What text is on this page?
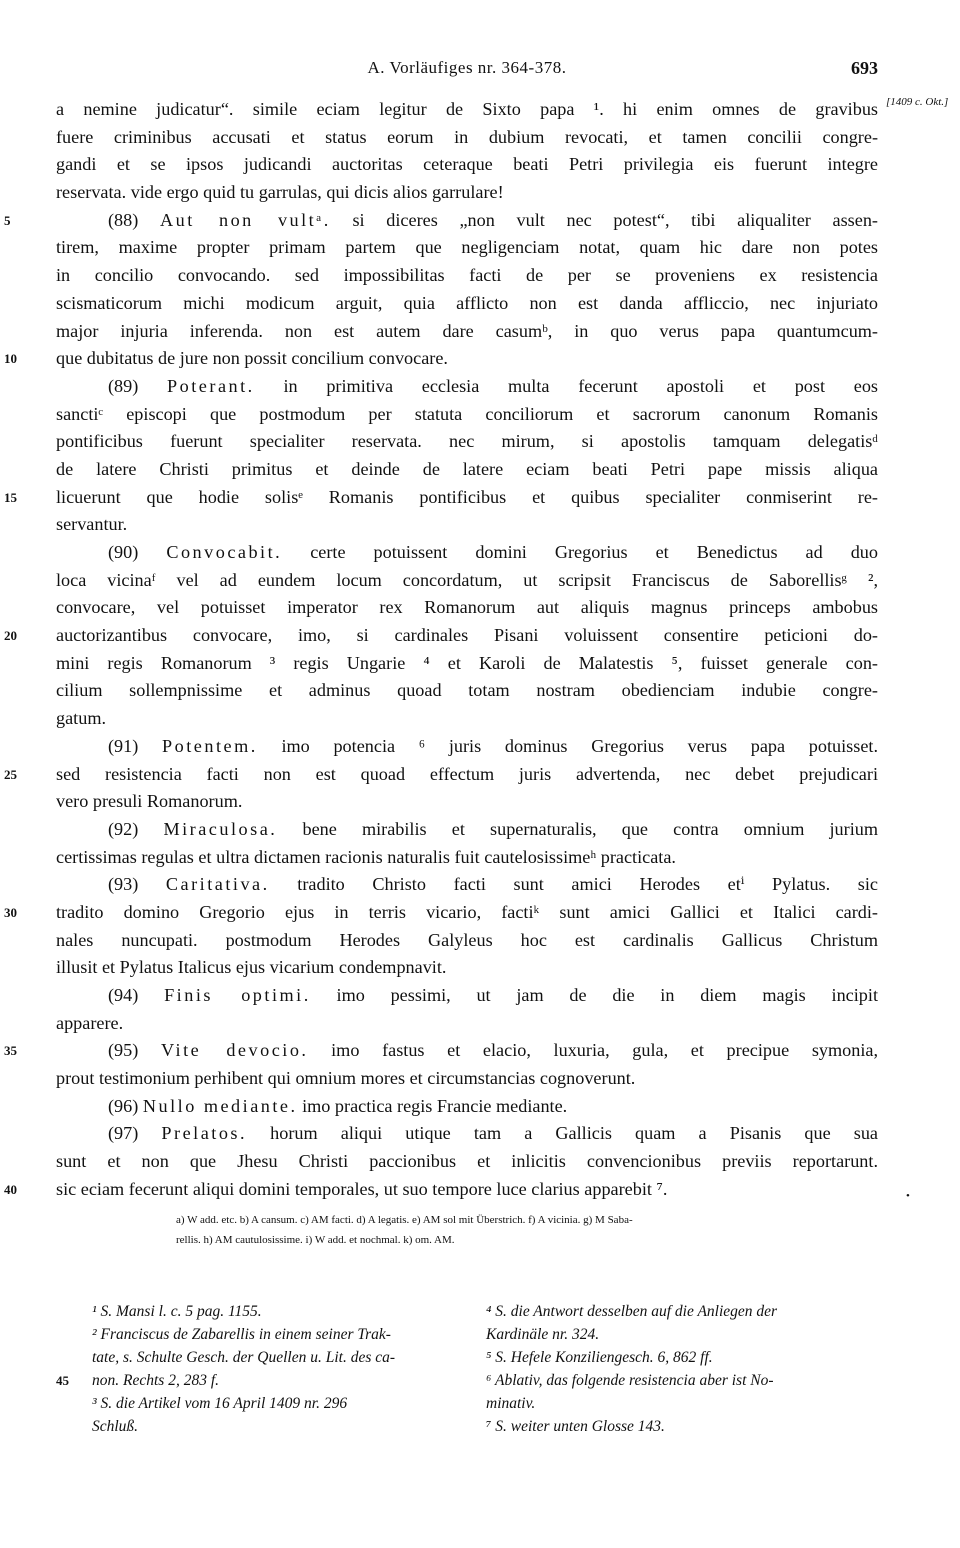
A. Vorläufiges nr. 364-378.	693
[1409 c. Okt.]
a nemine judicatur“. simile eciam legitur de Sixto papa ¹. hi enim omnes de gravibus
fuere criminibus accusati et status eorum in dubium revocati, et tamen concilii congre-
gandi et se ipsos judicandi auctoritas ceteraque beati Petri privilegia eis fuerunt integre
reservata. vide ergo quid tu garrulas, qui dicis alios garrulare!
5	(88) Aut non vultᵃ. si diceres „non vult nec potest“, tibi aliqualiter assen-
tirem, maxime propter primam partem que negligenciam notat, quam hic dare non potes
in concilio convocando. sed impossibilitas facti de per se proveniens ex resistencia
scismaticorum michi modicum arguit, quia afflicto non est danda affliccio, nec injuriato
major injuria inferenda. non est autem dare casumᵇ, in quo verus papa quantumcum-
10	que dubitatus de jure non possit concilium convocare.
(89) Poterant. in primitiva ecclesia multa fecerunt apostoli et post eos
sanctiᶜ episcopi que postmodum per statuta conciliorum et sacrorum canonum Romanis
pontificibus fuerunt specialiter reservata. nec mirum, si apostolis tamquam delegatisᵈ
de latere Christi primitus et deinde de latere eciam beati Petri pape missis aliqua
15	licuerunt que hodie solisᵉ Romanis pontificibus et quibus specialiter conmiserint re-
servantur.
(90) Convocabit. certe potuissent domini Gregorius et Benedictus ad duo
loca vicinaᶠ vel ad eundem locum concordatum, ut scripsit Franciscus de Saborellisᵍ ²,
convocare, vel potuisset imperator rex Romanorum aut aliquis magnus princeps ambobus
20	auctorizantibus convocare, imo, si cardinales Pisani voluissent consentire peticioni do-
mini regis Romanorum ³ regis Ungarie ⁴ et Karoli de Malatestis ⁵, fuisset generale con-
cilium sollempnissime et adminus quoad totam nostram obedienciam indubie congre-
gatum.
(91) Potentem. imo potencia ⁶ juris dominus Gregorius verus papa potuisset.
25	sed resistencia facti non est quoad effectum juris advertenda, nec debet prejudicari
vero presuli Romanorum.
(92) Miraculosa. bene mirabilis et supernaturalis, que contra omnium jurium
certissimas regulas et ultra dictamen racionis naturalis fuit cautelosissimeʰ practicata.
(93) Caritativa. tradito Christo facti sunt amici Herodes etⁱ Pylatus. sic
30	tradito domino Gregorio ejus in terris vicario, factiᵏ sunt amici Gallici et Italici cardi-
nales nuncupati. postmodum Herodes Galyleus hoc est cardinalis Gallicus Christum
illusit et Pylatus Italicus ejus vicarium condempnavit.
(94) Finis optimi. imo pessimi, ut jam de die in diem magis incipit
apparere.
35	(95) Vite devocio. imo fastus et elacio, luxuria, gula, et precipue symonia,
prout testimonium perhibent qui omnium mores et circumstancias cognoverunt.
(96) Nullo mediante. imo practica regis Francie mediante.
(97) Prelatos. horum aliqui utique tam a Gallicis quam a Pisanis que sua
sunt et non que Jhesu Christi paccionibus et inlicitis convencionibus previis reportarunt.
40	sic eciam fecerunt aliqui domini temporales, ut suo tempore luce clarius apparebit ⁷.	•
a) W add. etc. b) A cansum. c) AM facti. d) A legatis. e) AM sol mit Überstrich. f) A vicinia. g) M Saba-
rellis. h) AM cautulosissime. i) W add. et nochmal. k) om. AM.
45
¹ S. Mansi l. c. 5 pag. 1155.
² Franciscus de Zabarellis in einem seiner Trak-
tate, s. Schulte Gesch. der Quellen u. Lit. des ca-
non. Rechts 2, 283 f.
³ S. die Artikel vom 16 April 1409 nr. 296
Schluß.
⁴ S. die Antwort desselben auf die Anliegen der
Kardinäle nr. 324.
⁵ S. Hefele Konziliengesch. 6, 862 ff.
⁶ Ablativ, das folgende resistencia aber ist No-
minativ.
⁷ S. weiter unten Glosse 143.
